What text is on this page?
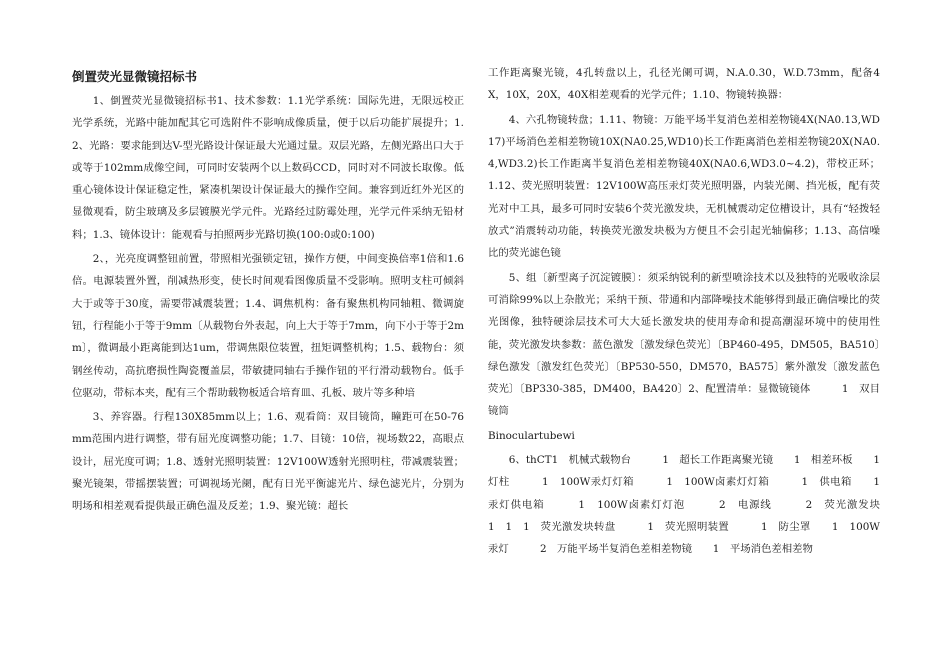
倒置荧光显微镜招标书

1、倒置荧光显微镜招标书1、技术参数：1.1光学系统：国际先进，无限远校正光学系统，光路中能加配其它可选附件不影响成像质量，便于以后功能扩展提升；1.2、光路：要求能到达V-型光路设计保证最大光通过量。双层光路，左侧光路出口大于或等于102mm成像空间，可同时安装两个以上数码CCD，同时对不同波长取像。低重心镜体设计保证稳定性，紧凑机架设计保证最大的操作空间。兼容到近红外光区的显微观看，防尘玻璃及多层镀膜光学元件。光路经过防霉处理，光学元件采纳无铅材料；1.3、镜体设计：能观看与拍照两步光路切换(100:0或0:100)

2、，光亮度调整钮前置，带照相光强锁定钮，操作方便，中间变换倍率1倍和1.6倍。电源装置外置，削减热形变，使长时间观看图像质量不受影响。照明支柱可倾斜大于或等于30度，需要带减震装置；1.4、调焦机构：备有聚焦机构同轴粗、微调旋钮，行程能小于等于9mm〔从载物台外表起，向上大于等于7mm，向下小于等于2mm〕，微调最小距离能到达1um，带调焦限位装置，扭矩调整机构；1.5、载物台：须钢丝传动，高抗磨损性陶瓷覆盖层，带敏捷同轴右手操作钮的平行滑动载物台。低手位驱动，带标本夹，配有三个帮助载物板适合培育皿、孔板、玻片等多种培

3、养容器。行程130X85mm以上；1.6、观看筒：双目镜筒，瞳距可在50-76mm范围内进行调整，带有屈光度调整功能；1.7、目镜：10倍，视场数22，高眼点设计，屈光度可调；1.8、透射光照明装置：12V100W透射光照明柱，带减震装置；聚光镜架，带摇摆装置；可调视场光阑，配有日光平衡滤光片、绿色滤光片，分别为明场和相差观看提供最正确色温及反差；1.9、聚光镜：超长

工作距离聚光镜，4孔转盘以上，孔径光阑可调，N.A.0.30，W.D.73mm，配备4X，10X，20X，40X相差观看的光学元件；1.10、物镜转换器：

4、六孔物镜转盘；1.11、物镜：万能平场半复消色差相差物镜4X(NA0.13,WD17)平场消色差相差物镜10X(NA0.25,WD10)长工作距离消色差相差物镜20X(NA0.4,WD3.2)长工作距离半复消色差相差物镜40X(NA0.6,WD3.0~4.2)，带校正环；1.12、荧光照明装置：12V100W高压汞灯荧光照明器，内装光阑、挡光板，配有荧光对中工具，最多可同时安装6个荧光激发块，无机械震动定位槽设计，具有“轻拨轻放式”消震转动功能，转换荧光激发块极为方便且不会引起光轴偏移；1.13、高信噪比的荧光滤色镜

5、组〔新型离子沉淀镀膜〕：须采纳锐利的新型喷涂技术以及独特的光吸收涂层可消除99%以上杂散光；采纳干预、带通和内部降噪技术能够得到最正确信噪比的荧光图像，独特硬涂层技术可大大延长激发块的使用寿命和提高潮湿环境中的使用性能，荧光激发块参数：蓝色激发〔激发绿色荧光〕〔BP460-495，DM505，BA510〕绿色激发〔激发红色荧光〕〔BP530-550，DM570，BA575〕紫外激发〔激发蓝色荧光〕〔BP330-385，DM400，BA420〕2、配置清单：显微镜镜体　　　1　双目镜筒

Binoculartubewi

6、thCT1　机械式载物台　　　1　超长工作距离聚光镜　　1　相差环板　　1　灯柱　　　1　100W汞灯灯箱　　　1　100W卤素灯灯箱　　　1　供电箱　　1　汞灯供电箱　　　1　100W卤素灯灯泡　　　2　电源线　　　2　荧光激发块　　　1　1　1　荧光激发块转盘　　　1　荧光照明装置　　　1　防尘罩　　1　100W汞灯　　　2　万能平场半复消色差相差物镜　　1　平场消色差相差物
